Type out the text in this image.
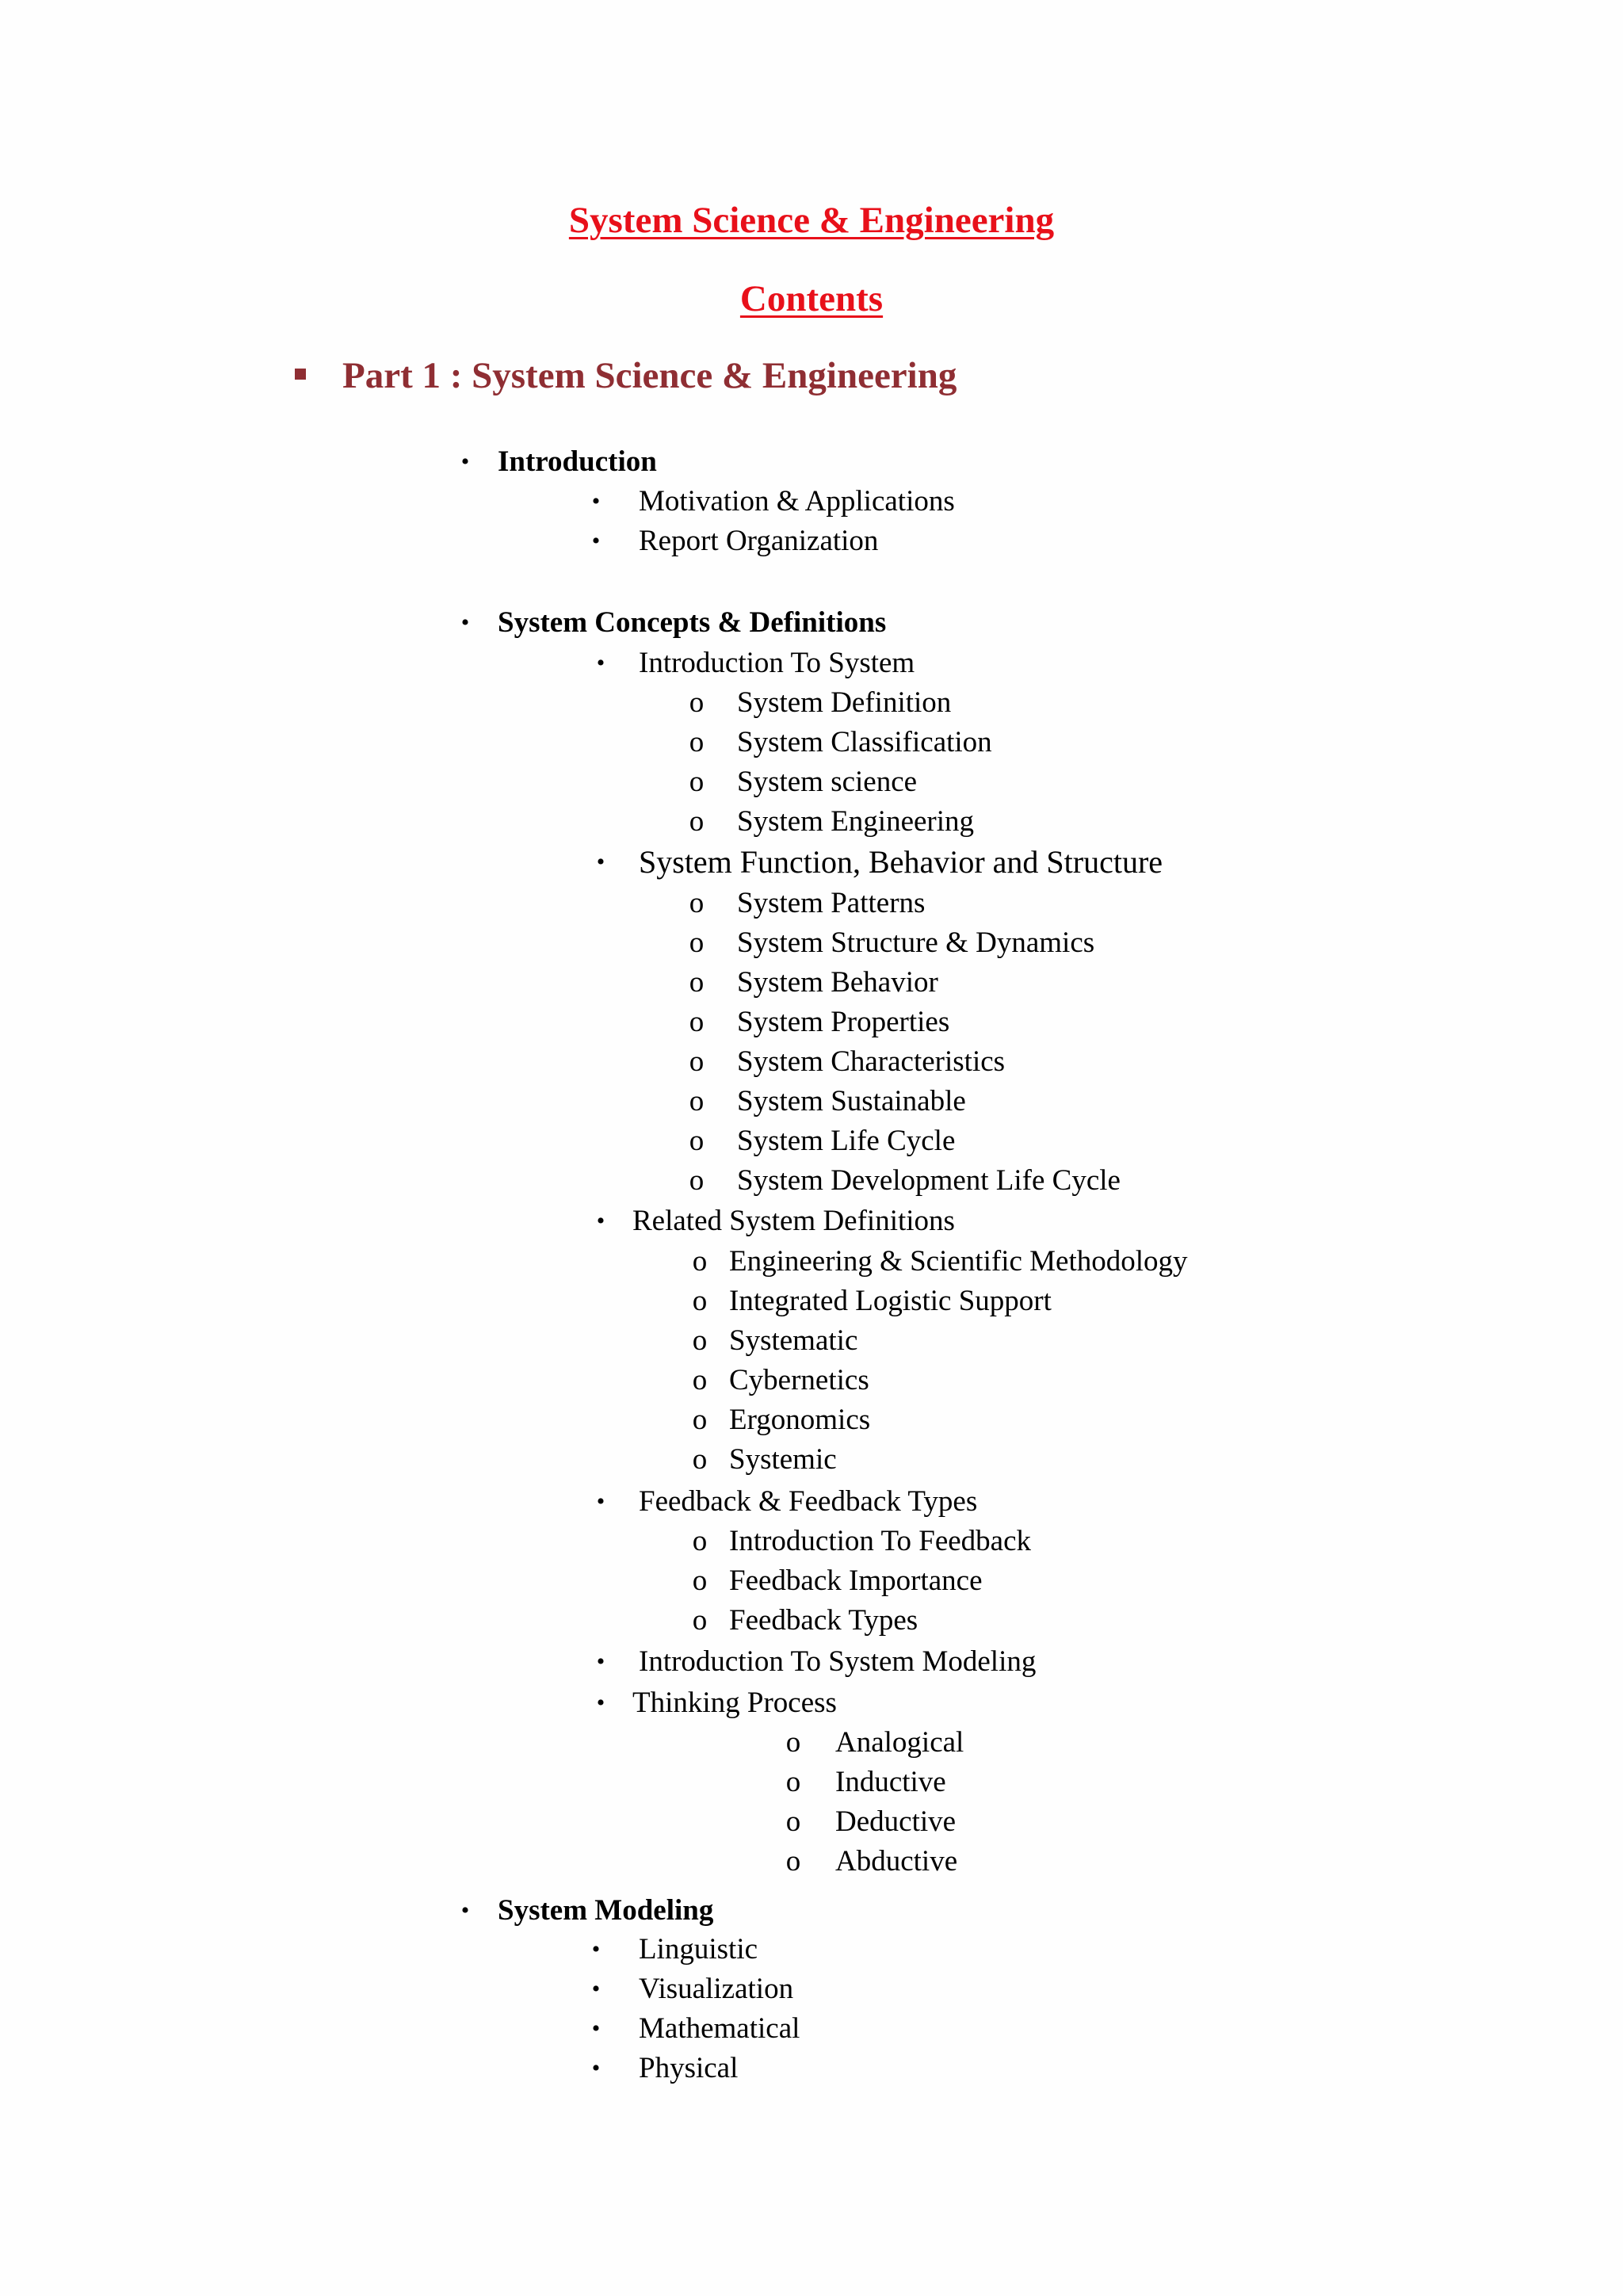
System Science & Engineering
Contents
Part 1 : System Science & Engineering
• Introduction
• Motivation & Applications
• Report Organization
• System Concepts & Definitions
• Introduction To System
o System Definition
o System Classification
o System science
o System Engineering
• System Function, Behavior and Structure
o System Patterns
o System Structure & Dynamics
o System Behavior
o System Properties
o System Characteristics
o System Sustainable
o System Life Cycle
o System Development Life Cycle
• Related System Definitions
o Engineering & Scientific Methodology
o Integrated Logistic Support
o Systematic
o Cybernetics
o Ergonomics
o Systemic
• Feedback & Feedback Types
o Introduction To Feedback
o Feedback Importance
o Feedback Types
• Introduction To System Modeling
• Thinking Process
o Analogical
o Inductive
o Deductive
o Abductive
• System Modeling
• Linguistic
• Visualization
• Mathematical
• Physical
